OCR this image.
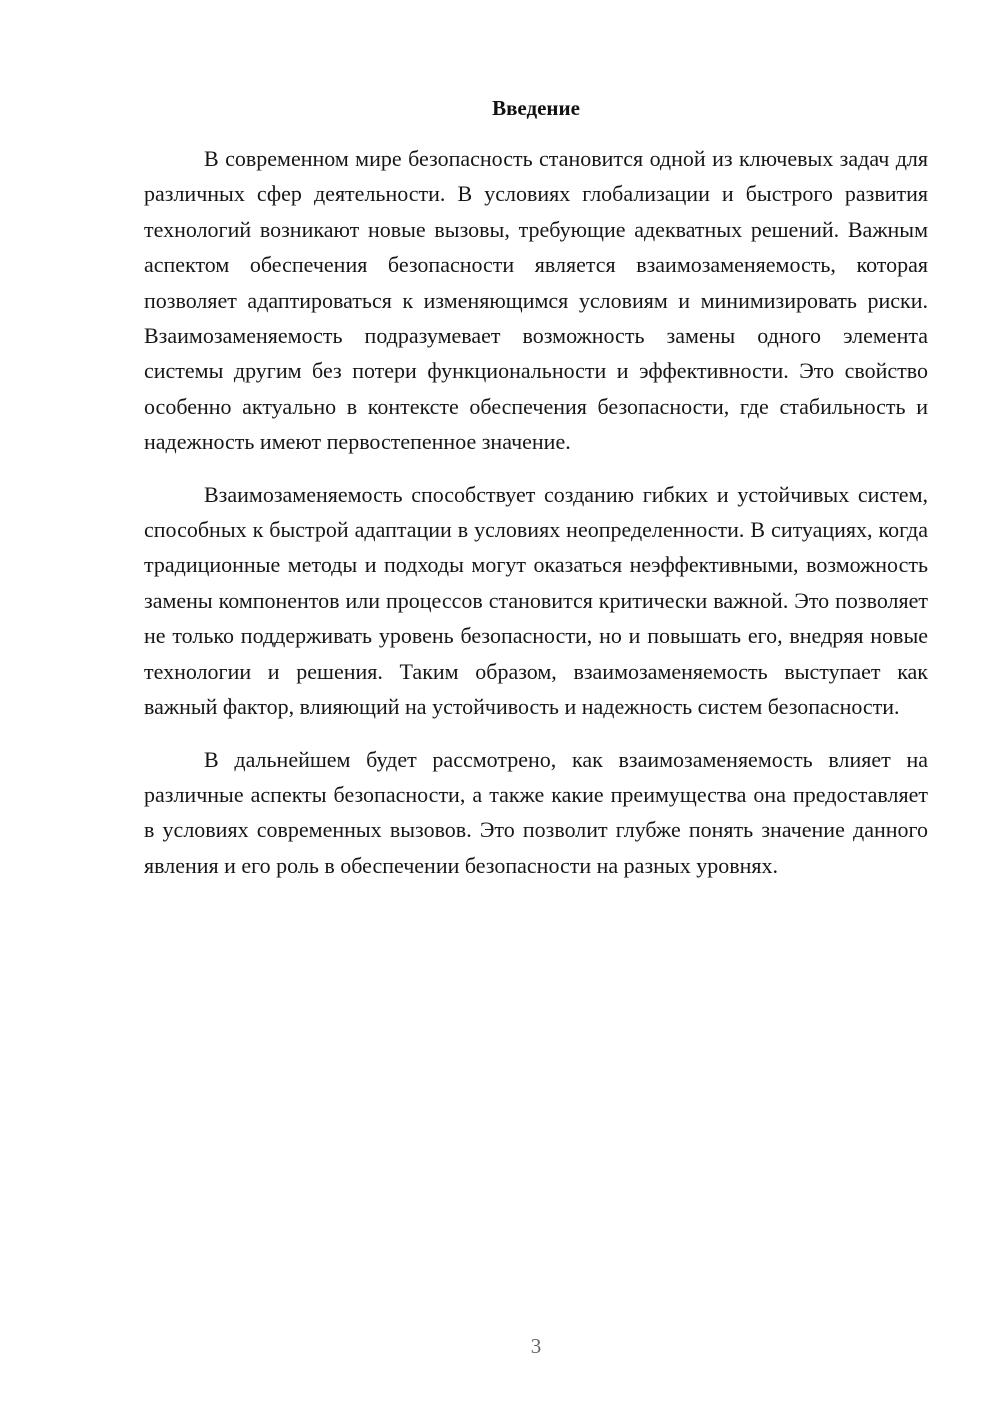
Введение

В современном мире безопасность становится одной из ключевых задач для различных сфер деятельности. В условиях глобализации и быстрого развития технологий возникают новые вызовы, требующие адекватных решений. Важным аспектом обеспечения безопасности является взаимозаменяемость, которая позволяет адаптироваться к изменяющимся условиям и минимизировать риски. Взаимозаменяемость подразумевает возможность замены одного элемента системы другим без потери функциональности и эффективности. Это свойство особенно актуально в контексте обеспечения безопасности, где стабильность и надежность имеют первостепенное значение.

Взаимозаменяемость способствует созданию гибких и устойчивых систем, способных к быстрой адаптации в условиях неопределенности. В ситуациях, когда традиционные методы и подходы могут оказаться неэффективными, возможность замены компонентов или процессов становится критически важной. Это позволяет не только поддерживать уровень безопасности, но и повышать его, внедряя новые технологии и решения. Таким образом, взаимозаменяемость выступает как важный фактор, влияющий на устойчивость и надежность систем безопасности.

В дальнейшем будет рассмотрено, как взаимозаменяемость влияет на различные аспекты безопасности, а также какие преимущества она предоставляет в условиях современных вызовов. Это позволит глубже понять значение данного явления и его роль в обеспечении безопасности на разных уровнях.

3
